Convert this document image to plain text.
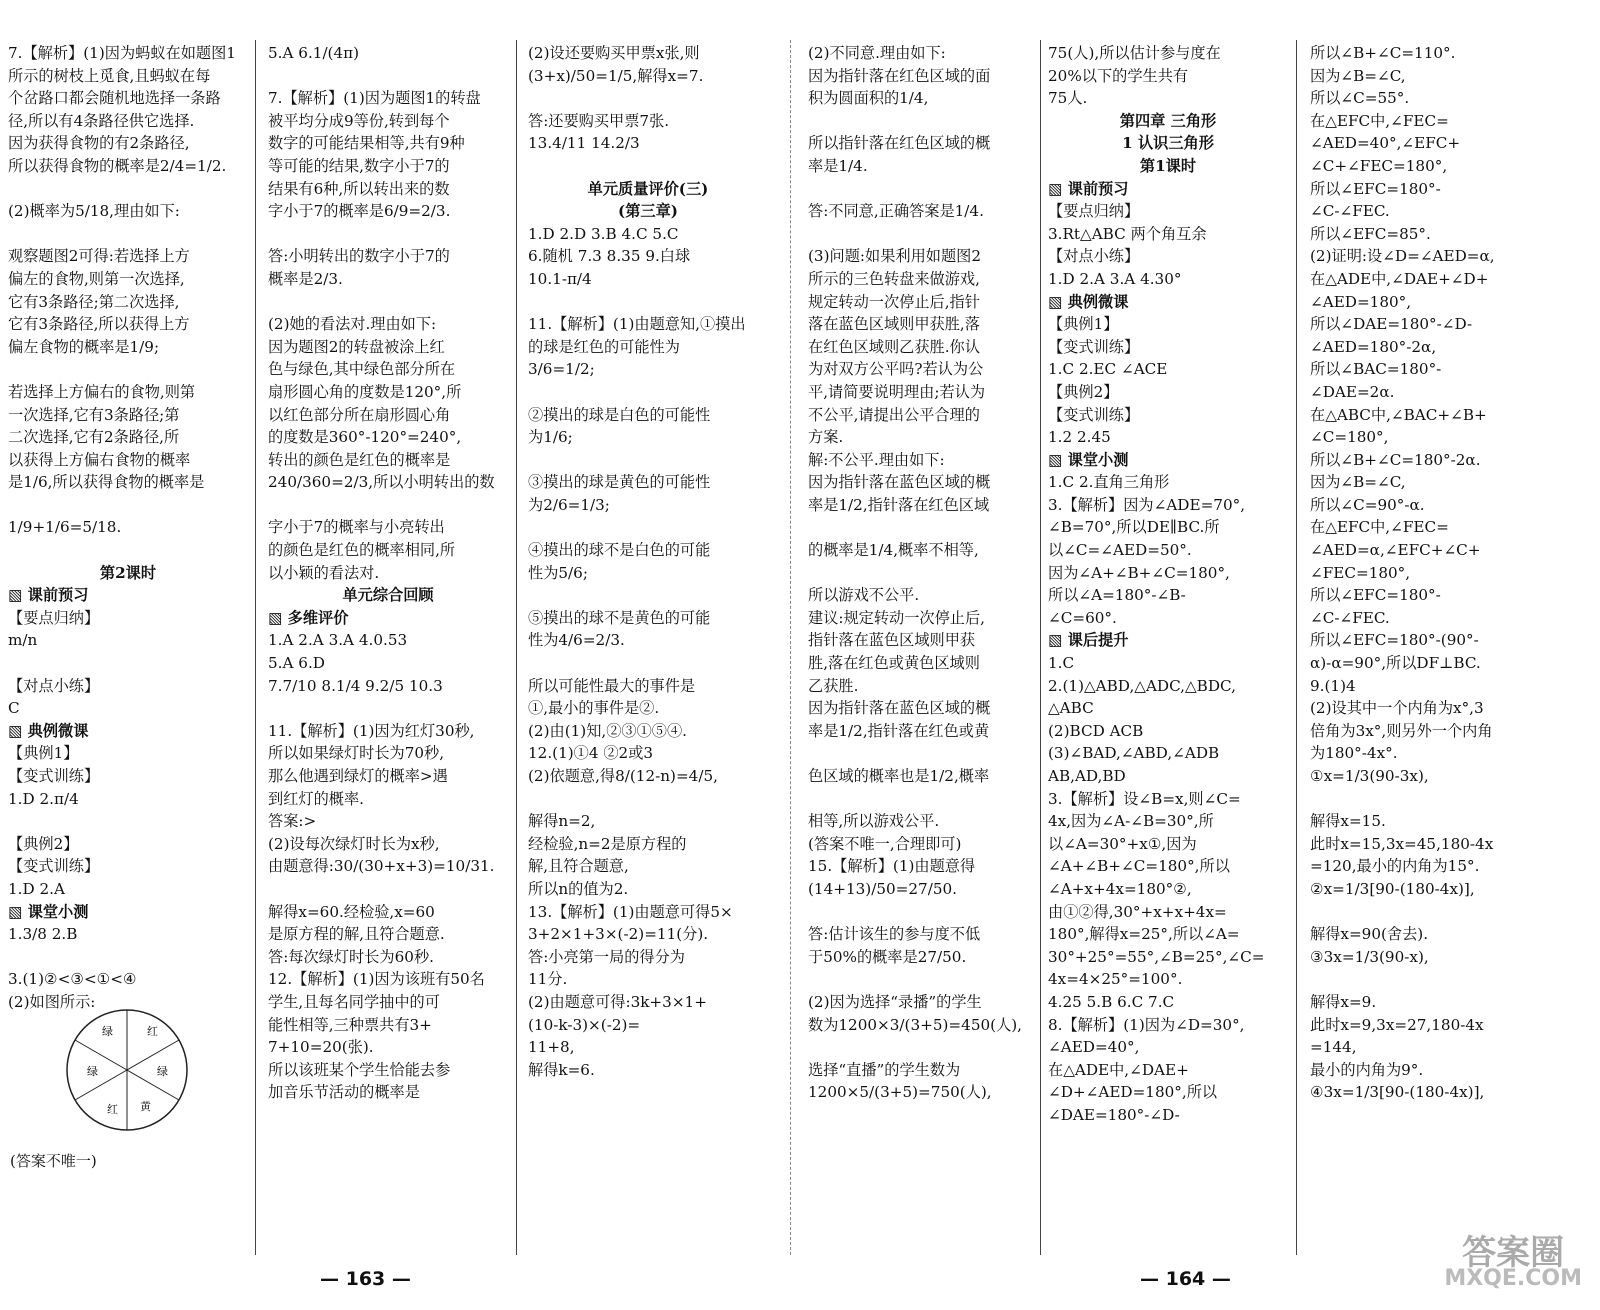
7.【解析】(1)因为蚂蚁在如题图1

所示的树枝上觅食,且蚂蚁在每

个岔路口都会随机地选择一条路

径,所以有4条路径供它选择.

因为获得食物的有2条路径,

所以获得食物的概率是2/4=1/2.

(2)概率为5/18,理由如下:

观察题图2可得:若选择上方

偏左的食物,则第一次选择,

它有3条路径;第二次选择,

它有3条路径,所以获得上方

偏左食物的概率是1/9;

若选择上方偏右的食物,则第

一次选择,它有3条路径;第

二次选择,它有2条路径,所

以获得上方偏右食物的概率

是1/6,所以获得食物的概率是

1/9+1/6=5/18.

第2课时

▧ 课前预习

【要点归纳】

m/n

【对点小练】

C

▧ 典例微课

【典例1】

【变式训练】

1.D 2.π/4

【典例2】

【变式训练】

1.D 2.A

▧ 课堂小测

1.3/8 2.B

3.(1)②<③<①<④

(2)如图所示:

5.A 6.1/(4π)

7.【解析】(1)因为题图1的转盘

被平均分成9等份,转到每个

数字的可能结果相等,共有9种

等可能的结果,数字小于7的

结果有6种,所以转出来的数

字小于7的概率是6/9=2/3.

答:小明转出的数字小于7的

概率是2/3.

(2)她的看法对.理由如下:

因为题图2的转盘被涂上红

色与绿色,其中绿色部分所在

扇形圆心角的度数是120°,所

以红色部分所在扇形圆心角

的度数是360°-120°=240°,

转出的颜色是红色的概率是

240/360=2/3,所以小明转出的数

字小于7的概率与小亮转出

的颜色是红色的概率相同,所

以小颖的看法对.

单元综合回顾

▧ 多维评价

1.A 2.A 3.A 4.0.53

5.A 6.D

7.7/10 8.1/4 9.2/5 10.3

11.【解析】(1)因为红灯30秒,

所以如果绿灯时长为70秒,

那么他遇到绿灯的概率>遇

到红灯的概率.

答案:>

(2)设每次绿灯时长为x秒,

由题意得:30/(30+x+3)=10/31.

解得x=60.经检验,x=60

是原方程的解,且符合题意.

答:每次绿灯时长为60秒.

12.【解析】(1)因为该班有50名

学生,且每名同学抽中的可

能性相等,三种票共有3+

7+10=20(张).

所以该班某个学生恰能去参

加音乐节活动的概率是

(2)设还要购买甲票x张,则

(3+x)/50=1/5,解得x=7.

答:还要购买甲票7张.

13.4/11 14.2/3

单元质量评价(三)

(第三章)

1.D 2.D 3.B 4.C 5.C

6.随机 7.3 8.35 9.白球

10.1-π/4

11.【解析】(1)由题意知,①摸出

的球是红色的可能性为

3/6=1/2;

②摸出的球是白色的可能性

为1/6;

③摸出的球是黄色的可能性

为2/6=1/3;

④摸出的球不是白色的可能

性为5/6;

⑤摸出的球不是黄色的可能

性为4/6=2/3.

所以可能性最大的事件是

①,最小的事件是②.

(2)由(1)知,②③①⑤④.

12.(1)①4 ②2或3

(2)依题意,得8/(12-n)=4/5,

解得n=2,

经检验,n=2是原方程的

解,且符合题意,

所以n的值为2.

13.【解析】(1)由题意可得5×

3+2×1+3×(-2)=11(分).

答:小亮第一局的得分为

11分.

(2)由题意可得:3k+3×1+

(10-k-3)×(-2)=

11+8,

解得k=6.

(2)不同意.理由如下:

因为指针落在红色区域的面

积为圆面积的1/4,

所以指针落在红色区域的概

率是1/4.

答:不同意,正确答案是1/4.

(3)问题:如果利用如题图2

所示的三色转盘来做游戏,

规定转动一次停止后,指针

落在蓝色区域则甲获胜,落

在红色区域则乙获胜.你认

为对双方公平吗?若认为公

平,请简要说明理由;若认为

不公平,请提出公平合理的

方案.

解:不公平.理由如下:

因为指针落在蓝色区域的概

率是1/2,指针落在红色区域

的概率是1/4,概率不相等,

所以游戏不公平.

建议:规定转动一次停止后,

指针落在蓝色区域则甲获

胜,落在红色或黄色区域则

乙获胜.

因为指针落在蓝色区域的概

率是1/2,指针落在红色或黄

色区域的概率也是1/2,概率

相等,所以游戏公平.

(答案不唯一,合理即可)

15.【解析】(1)由题意得

(14+13)/50=27/50.

答:估计该生的参与度不低

于50%的概率是27/50.

(2)因为选择“录播”的学生

数为1200×3/(3+5)=450(人),

选择“直播”的学生数为

1200×5/(3+5)=750(人),

75(人),所以估计参与度在

20%以下的学生共有

75人.

第四章 三角形

1 认识三角形

第1课时

▧ 课前预习

【要点归纳】

3.Rt△ABC 两个角互余

【对点小练】

1.D 2.A 3.A 4.30°

▧ 典例微课

【典例1】

【变式训练】

1.C 2.EC ∠ACE

【典例2】

【变式训练】

1.2 2.45

▧ 课堂小测

1.C 2.直角三角形

3.【解析】因为∠ADE=70°,

∠B=70°,所以DE∥BC.所

以∠C=∠AED=50°.

因为∠A+∠B+∠C=180°,

所以∠A=180°-∠B-

∠C=60°.

▧ 课后提升

1.C

2.(1)△ABD,△ADC,△BDC,

△ABC

(2)BCD ACB

(3)∠BAD,∠ABD,∠ADB

AB,AD,BD

3.【解析】设∠B=x,则∠C=

4x,因为∠A-∠B=30°,所

以∠A=30°+x①,因为

∠A+∠B+∠C=180°,所以

∠A+x+4x=180°②,

由①②得,30°+x+x+4x=

180°,解得x=25°,所以∠A=

30°+25°=55°,∠B=25°,∠C=

4x=4×25°=100°.

4.25 5.B 6.C 7.C

8.【解析】(1)因为∠D=30°,

∠AED=40°,

在△ADE中,∠DAE+

∠D+∠AED=180°,所以

∠DAE=180°-∠D-

所以∠B+∠C=110°.

因为∠B=∠C,

所以∠C=55°.

在△EFC中,∠FEC=

∠AED=40°,∠EFC+

∠C+∠FEC=180°,

所以∠EFC=180°-

∠C-∠FEC.

所以∠EFC=85°.

(2)证明:设∠D=∠AED=α,

在△ADE中,∠DAE+∠D+

∠AED=180°,

所以∠DAE=180°-∠D-

∠AED=180°-2α,

所以∠BAC=180°-

∠DAE=2α.

在△ABC中,∠BAC+∠B+

∠C=180°,

所以∠B+∠C=180°-2α.

因为∠B=∠C,

所以∠C=90°-α.

在△EFC中,∠FEC=

∠AED=α,∠EFC+∠C+

∠FEC=180°,

所以∠EFC=180°-

∠C-∠FEC.

所以∠EFC=180°-(90°-

α)-α=90°,所以DF⊥BC.

9.(1)4

(2)设其中一个内角为x°,3

倍角为3x°,则另外一个内角

为180°-4x°.

①x=1/3(90-3x),

解得x=15.

此时x=15,3x=45,180-4x

=120,最小的内角为15°.

②x=1/3[90-(180-4x)],

解得x=90(舍去).

③3x=1/3(90-x),

解得x=9.

此时x=9,3x=27,180-4x

=144,

最小的内角为9°.

④3x=1/3[90-(180-4x)],

绿	红
绿
黄
红
绿
(答案不唯一)
— 163 —	— 164 —
答案圈
MXQE.COM
